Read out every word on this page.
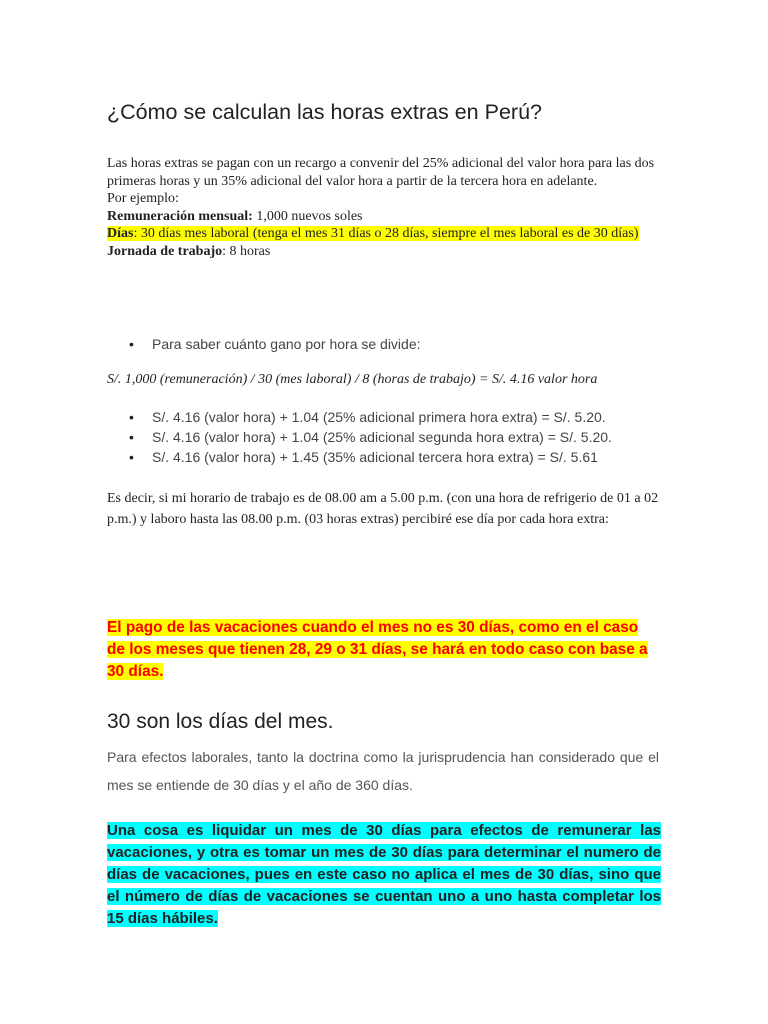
¿Cómo se calculan las horas extras en Perú?

Las horas extras se pagan con un recargo a convenir del 25% adicional del valor hora para las dos primeras horas y un 35% adicional del valor hora a partir de la tercera hora en adelante.

Por ejemplo:

Remuneración mensual: 1,000 nuevos soles

Días: 30 días mes laboral (tenga el mes 31 días o 28 días, siempre el mes laboral es de 30 días)

Jornada de trabajo: 8 horas

• Para saber cuánto gano por hora se divide:
S/. 1,000 (remuneración) / 30 (mes laboral) / 8 (horas de trabajo) = S/. 4.16 valor hora
• S/. 4.16 (valor hora) + 1.04 (25% adicional primera hora extra) = S/. 5.20.
• S/. 4.16 (valor hora) + 1.04 (25% adicional segunda hora extra) = S/. 5.20.
• S/. 4.16 (valor hora) + 1.45 (35% adicional tercera hora extra) = S/. 5.61

Es decir, si mi horario de trabajo es de 08.00 am a 5.00 p.m. (con una hora de refrigerio de 01 a 02 p.m.) y laboro hasta las 08.00 p.m. (03 horas extras) percibiré ese día por cada hora extra:

El pago de las vacaciones cuando el mes no es 30 días, como en el caso de los meses que tienen 28, 29 o 31 días, se hará en todo caso con base a 30 días.

30 son los días del mes.

Para efectos laborales, tanto la doctrina como la jurisprudencia han considerado que el mes se entiende de 30 días y el año de 360 días.

Una cosa es liquidar un mes de 30 días para efectos de remunerar las vacaciones, y otra es tomar un mes de 30 días para determinar el numero de días de vacaciones, pues en este caso no aplica el mes de 30 días, sino que el número de días de vacaciones se cuentan uno a uno hasta completar los 15 días hábiles.
